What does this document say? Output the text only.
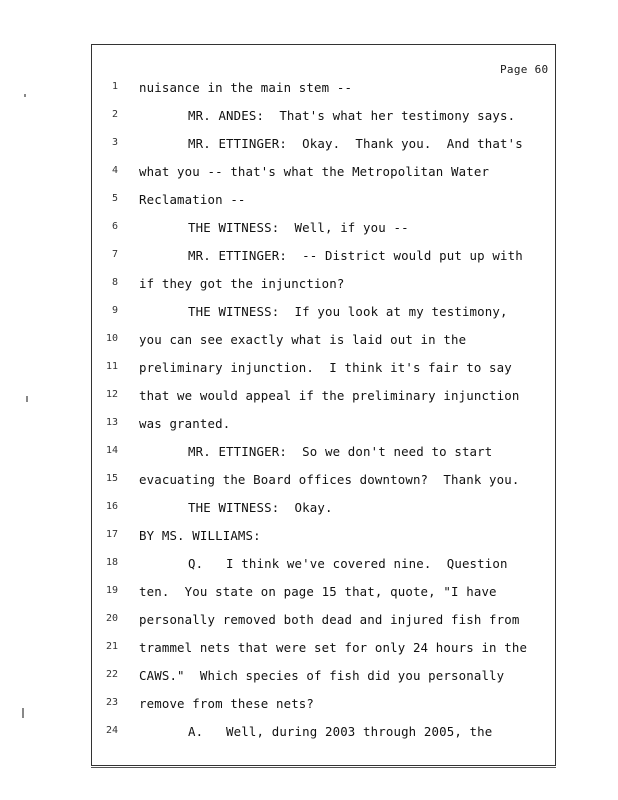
Page 60
1 nuisance in the main stem --
2	MR. ANDES:  That's what her testimony says.
3	MR. ETTINGER:  Okay.  Thank you.  And that's
4 what you -- that's what the Metropolitan Water
5 Reclamation --
6	THE WITNESS:  Well, if you --
7	MR. ETTINGER:  -- District would put up with
8 if they got the injunction?
9	THE WITNESS:  If you look at my testimony,
10 you can see exactly what is laid out in the
11 preliminary injunction.  I think it's fair to say
12 that we would appeal if the preliminary injunction
13 was granted.
14	MR. ETTINGER:  So we don't need to start
15 evacuating the Board offices downtown?  Thank you.
16	THE WITNESS:  Okay.
17 BY MS. WILLIAMS:
18	Q.   I think we've covered nine.  Question
19 ten.  You state on page 15 that, quote, "I have
20 personally removed both dead and injured fish from
21 trammel nets that were set for only 24 hours in the
22 CAWS."  Which species of fish did you personally
23 remove from these nets?
24	A.   Well, during 2003 through 2005, the
